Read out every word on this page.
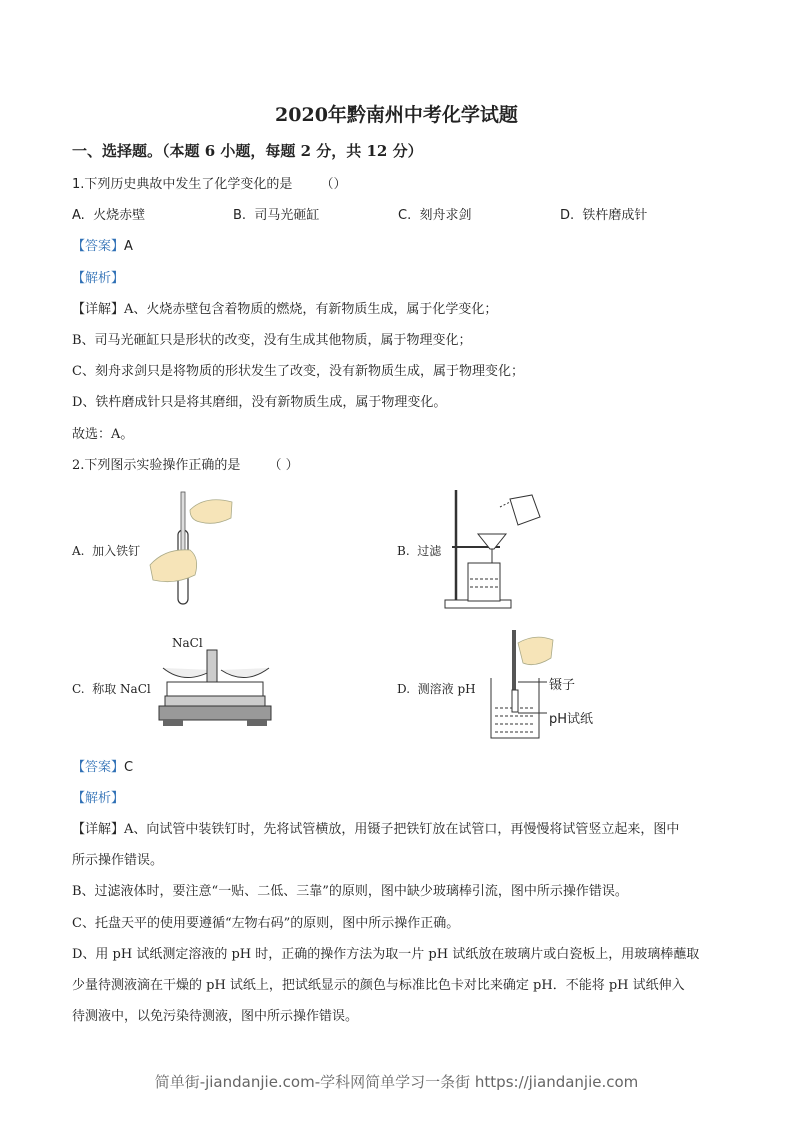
2020年黔南州中考化学试题
一、选择题。（本题 6 小题，每题 2 分，共 12 分）
1.下列历史典故中发生了化学变化的是 （）
A. 火烧赤壁	B. 司马光砸缸	C. 刻舟求剑	D. 铁杵磨成针
【答案】A
【解析】
【详解】A、火烧赤壁包含着物质的燃烧，有新物质生成，属于化学变化；
B、司马光砸缸只是形状的改变，没有生成其他物质，属于物理变化；
C、刻舟求剑只是将物质的形状发生了改变，没有新物质生成，属于物理变化；
D、铁杵磨成针只是将其磨细，没有新物质生成，属于物理变化。
故选：A。
2.下列图示实验操作正确的是 （ ）
A. 加入铁钉	B. 过滤
C. 称取 NaCl
NaCl
D. 测溶液 pH	镊子
pH试纸
【答案】C
【解析】
【详解】A、向试管中装铁钉时，先将试管横放，用镊子把铁钉放在试管口，再慢慢将试管竖立起来，图中
所示操作错误。
B、过滤液体时，要注意“一贴、二低、三靠”的原则，图中缺少玻璃棒引流，图中所示操作错误。
C、托盘天平的使用要遵循“左物右码”的原则，图中所示操作正确。
D、用 pH 试纸测定溶液的 pH 时，正确的操作方法为取一片 pH 试纸放在玻璃片或白瓷板上，用玻璃棒蘸取
少量待测液滴在干燥的 pH 试纸上，把试纸显示的颜色与标准比色卡对比来确定 pH．不能将 pH 试纸伸入
待测液中，以免污染待测液，图中所示操作错误。
简单街-jiandanjie.com-学科网简单学习一条街 https://jiandanjie.com
